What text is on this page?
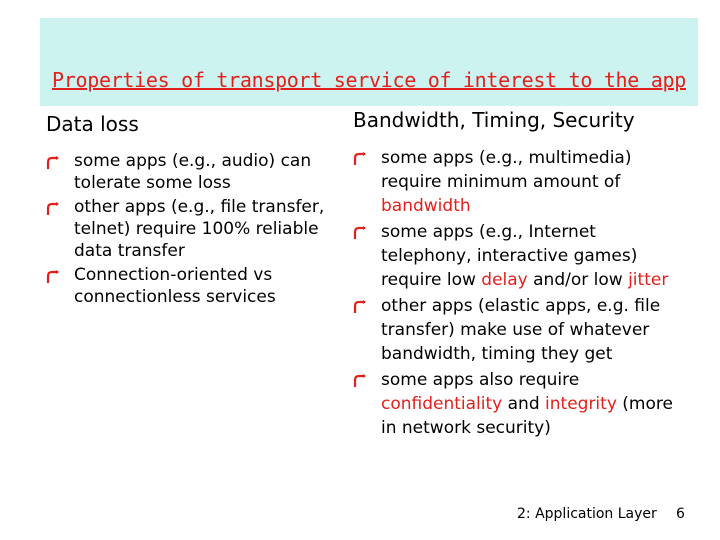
Properties of transport service of interest to the app
Data loss
some apps (e.g., audio) can tolerate some loss
other apps (e.g., file transfer, telnet) require 100% reliable data transfer
Connection-oriented vs connectionless services
Bandwidth, Timing, Security
some apps (e.g., multimedia) require minimum amount of bandwidth
some apps (e.g., Internet telephony, interactive games) require low delay and/or low jitter
other apps (elastic apps, e.g. file transfer) make use of whatever bandwidth, timing they get
some apps also require confidentiality and integrity (more in network security)
2: Application Layer 6
